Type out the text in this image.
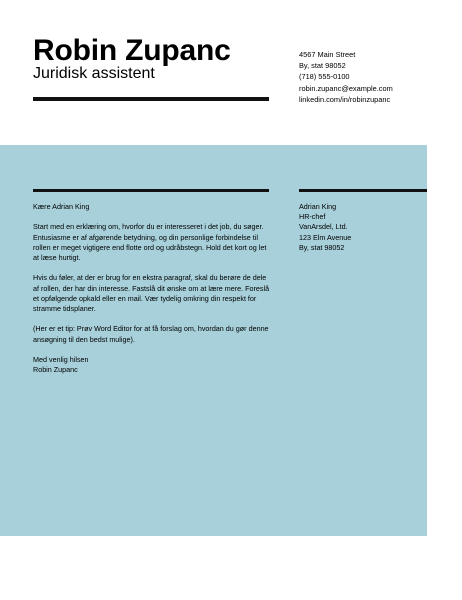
Robin Zupanc
Juridisk assistent
4567 Main Street
By, stat 98052
(718) 555-0100
robin.zupanc@example.com
linkedin.com/in/robinzupanc

Kære Adrian King

Start med en erklæring om, hvorfor du er interesseret i det job, du søger. Entusiasme er af afgørende betydning, og din personlige forbindelse til rollen er meget vigtigere end flotte ord og udråbstegn. Hold det kort og let at læse hurtigt.

Hvis du føler, at der er brug for en ekstra paragraf, skal du berøre de dele af rollen, der har din interesse. Fastslå dit ønske om at lære mere. Foreslå et opfølgende opkald eller en mail. Vær tydelig omkring din respekt for stramme tidsplaner.

(Her er et tip: Prøv Word Editor for at få forslag om, hvordan du gør denne ansøgning til den bedst mulige).

Med venlig hilsen
Robin Zupanc

Adrian King
HR-chef
VanArsdel, Ltd.
123 Elm Avenue
By, stat 98052
